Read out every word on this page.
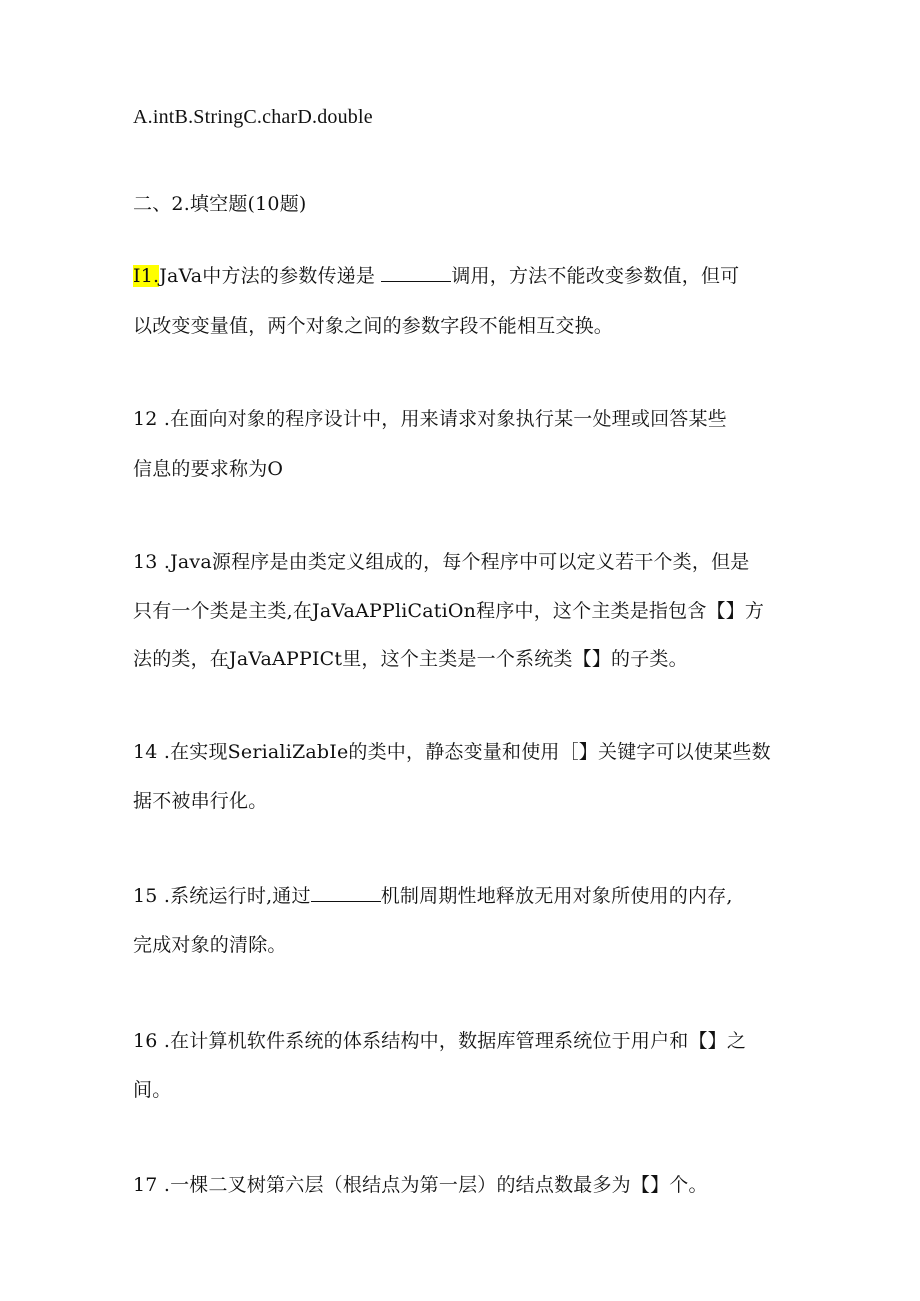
A.intB.StringC.charD.double
二、2.填空题(10题)
I1.JaVa中方法的参数传递是	调用，方法不能改变参数值，但可
以改变变量值，两个对象之间的参数字段不能相互交换。
12 .在面向对象的程序设计中，用来请求对象执行某一处理或回答某些
信息的要求称为O
13 .Java源程序是由类定义组成的，每个程序中可以定义若干个类，但是
只有一个类是主类,在JaVaAPPliCatiOn程序中，这个主类是指包含【】方
法的类，在JaVaAPPICt里，这个主类是一个系统类【】的子类。
14 .在实现SerialiZabIe的类中，静态变量和使用［】关键字可以使某些数
据不被串行化。
15 .系统运行时,通过	机制周期性地释放无用对象所使用的内存,
完成对象的清除。
16 .在计算机软件系统的体系结构中，数据库管理系统位于用户和【】之
间。
17 .一棵二叉树第六层（根结点为第一层）的结点数最多为【】个。
